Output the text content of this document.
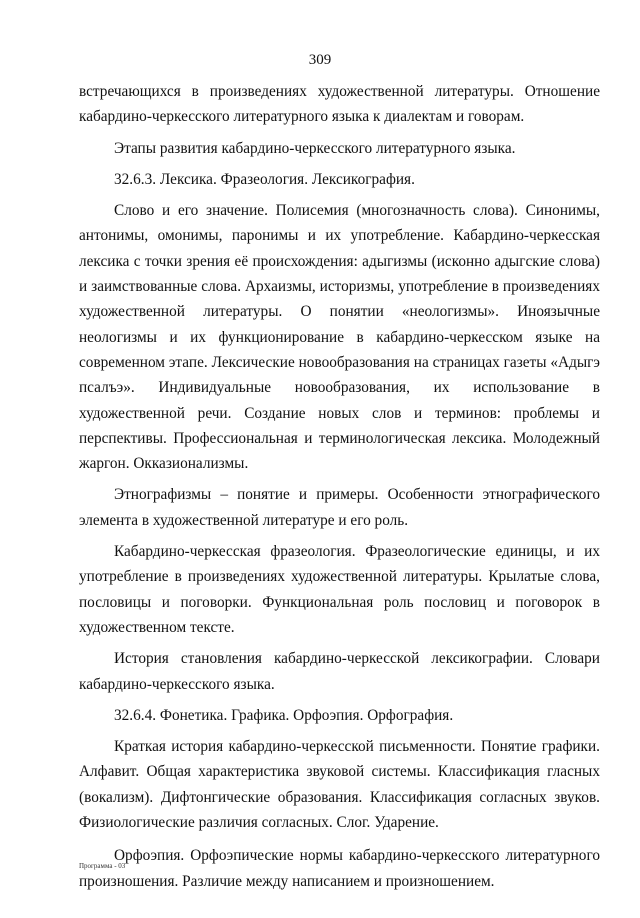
309

встречающихся в произведениях художественной литературы. Отношение кабардино-черкесского литературного языка к диалектам и говорам.

Этапы развития кабардино-черкесского литературного языка.

32.6.3. Лексика. Фразеология. Лексикография.

Слово и его значение. Полисемия (многозначность слова). Синонимы, антонимы, омонимы, паронимы и их употребление. Кабардино-черкесская лексика с точки зрения её происхождения: адыгизмы (исконно адыгские слова) и заимствованные слова. Архаизмы, историзмы, употребление в произведениях художественной литературы. О понятии «неологизмы». Иноязычные неологизмы и их функционирование в кабардино-черкесском языке на современном этапе. Лексические новообразования на страницах газеты «Адыгэ псалъэ». Индивидуальные новообразования, их использование в художественной речи. Создание новых слов и терминов: проблемы и перспективы. Профессиональная и терминологическая лексика. Молодежный жаргон. Окказионализмы.

Этнографизмы – понятие и примеры. Особенности этнографического элемента в художественной литературе и его роль.

Кабардино-черкесская фразеология. Фразеологические единицы, и их употребление в произведениях художественной литературы. Крылатые слова, пословицы и поговорки. Функциональная роль пословиц и поговорок в художественном тексте.

История становления кабардино-черкесской лексикографии. Словари кабардино-черкесского языка.

32.6.4. Фонетика. Графика. Орфоэпия. Орфография.

Краткая история кабардино-черкесской письменности. Понятие графики. Алфавит. Общая характеристика звуковой системы. Классификация гласных (вокализм). Дифтонгические образования. Классификация согласных звуков. Физиологические различия согласных. Слог. Ударение.

Орфоэпия. Орфоэпические нормы кабардино-черкесского литературного произношения. Различие между написанием и произношением.

Программа - 03
